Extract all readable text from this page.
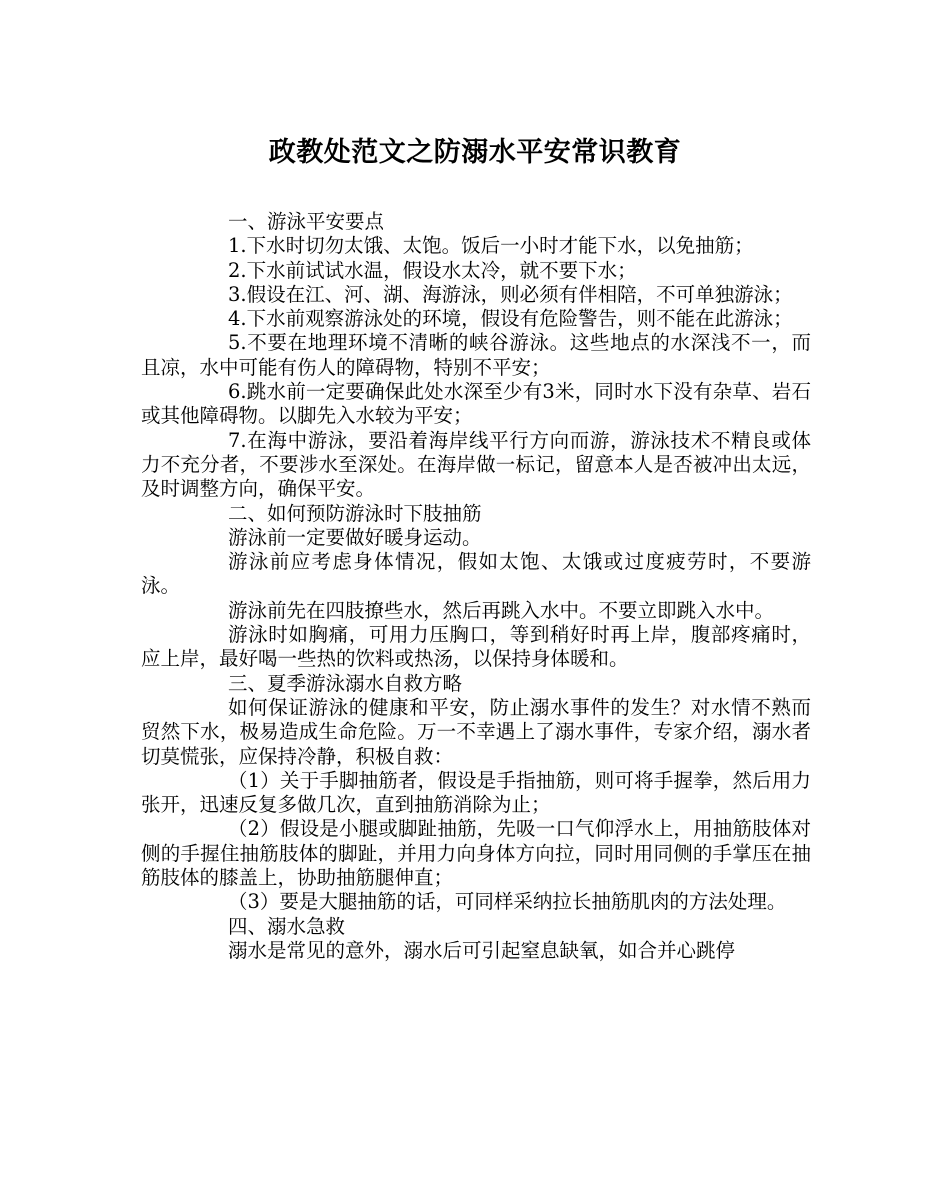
政教处范文之防溺水平安常识教育

一、游泳平安要点

1.下水时切勿太饿、太饱。饭后一小时才能下水，以免抽筋；

2.下水前试试水温，假设水太冷，就不要下水；

3.假设在江、河、湖、海游泳，则必须有伴相陪，不可单独游泳；

4.下水前观察游泳处的环境，假设有危险警告，则不能在此游泳；

5.不要在地理环境不清晰的峡谷游泳。这些地点的水深浅不一，而且凉，水中可能有伤人的障碍物，特别不平安；

6.跳水前一定要确保此处水深至少有3米，同时水下没有杂草、岩石或其他障碍物。以脚先入水较为平安；

7.在海中游泳，要沿着海岸线平行方向而游，游泳技术不精良或体力不充分者，不要涉水至深处。在海岸做一标记，留意本人是否被冲出太远，及时调整方向，确保平安。

二、如何预防游泳时下肢抽筋

游泳前一定要做好暖身运动。

游泳前应考虑身体情况，假如太饱、太饿或过度疲劳时，不要游泳。

游泳前先在四肢撩些水，然后再跳入水中。不要立即跳入水中。

游泳时如胸痛，可用力压胸口，等到稍好时再上岸，腹部疼痛时，应上岸，最好喝一些热的饮料或热汤，以保持身体暖和。

三、夏季游泳溺水自救方略

如何保证游泳的健康和平安，防止溺水事件的发生？对水情不熟而贸然下水，极易造成生命危险。万一不幸遇上了溺水事件，专家介绍，溺水者切莫慌张，应保持冷静，积极自救：

（1）关于手脚抽筋者，假设是手指抽筋，则可将手握拳，然后用力张开，迅速反复多做几次，直到抽筋消除为止；

（2）假设是小腿或脚趾抽筋，先吸一口气仰浮水上，用抽筋肢体对侧的手握住抽筋肢体的脚趾，并用力向身体方向拉，同时用同侧的手掌压在抽筋肢体的膝盖上，协助抽筋腿伸直；

（3）要是大腿抽筋的话，可同样采纳拉长抽筋肌肉的方法处理。

四、溺水急救

溺水是常见的意外，溺水后可引起窒息缺氧，如合并心跳停
